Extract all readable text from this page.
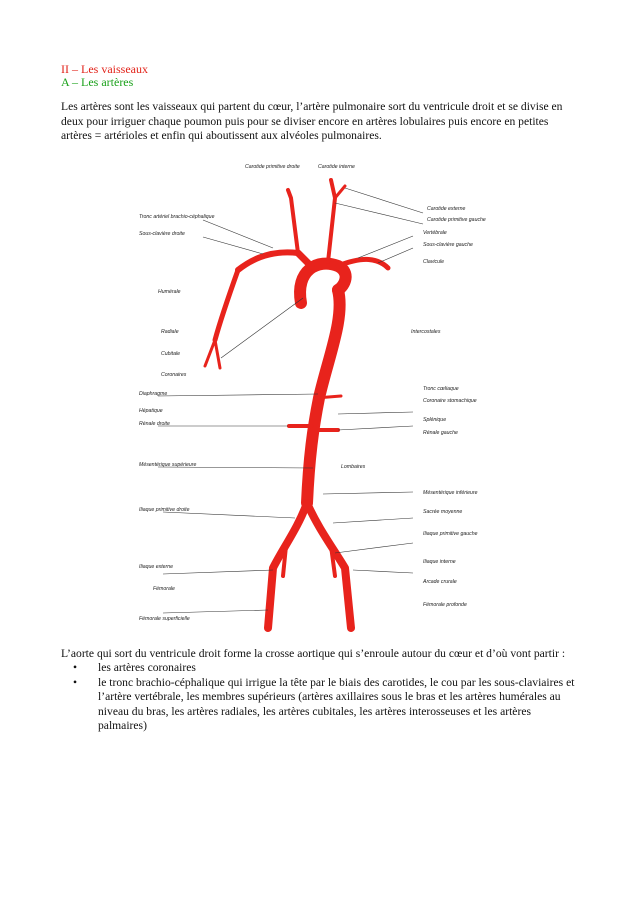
II – Les vaisseaux
A – Les artères

Les artères sont les vaisseaux qui partent du cœur, l’artère pulmonaire sort du ventricule droit et se divise en deux pour irriguer chaque poumon puis pour se diviser encore en artères lobulaires puis encore en petites artères = artérioles et enfin qui aboutissent aux alvéoles pulmonaires.

Carotide primitive droite	Carotide interne
Carotide externe
Carotide primitive gauche
Tronc artériel brachio-céphalique
Sous-clavière droite	Vertébrale
Sous-clavière gauche
Clavicule
Humérale
Intercostales
Radiale
Cubitale
Coronaires
Tronc cœliaque
Diaphragme
Coronaire stomachique
Hépatique
Splénique
Rénale droite
Rénale gauche
Mésentérique supérieure	Lombaires
Mésentérique inférieure
Iliaque primitive droite	Sacrée moyenne
Iliaque primitive gauche
Iliaque interne
Iliaque externe
Arcade crurale
Fémorale
Fémorale profonde
Fémorale superficielle

L’aorte qui sort du ventricule droit forme la crosse aortique qui s’enroule autour du cœur et d’où vont partir :

• les artères coronaires
• le tronc brachio-céphalique qui irrigue la tête par le biais des carotides, le cou par les sous-claviaires et l’artère vertébrale, les membres supérieurs (artères axillaires sous le bras et les artères humérales au niveau du bras, les artères radiales, les artères cubitales, les artères interosseuses et les artères palmaires)
